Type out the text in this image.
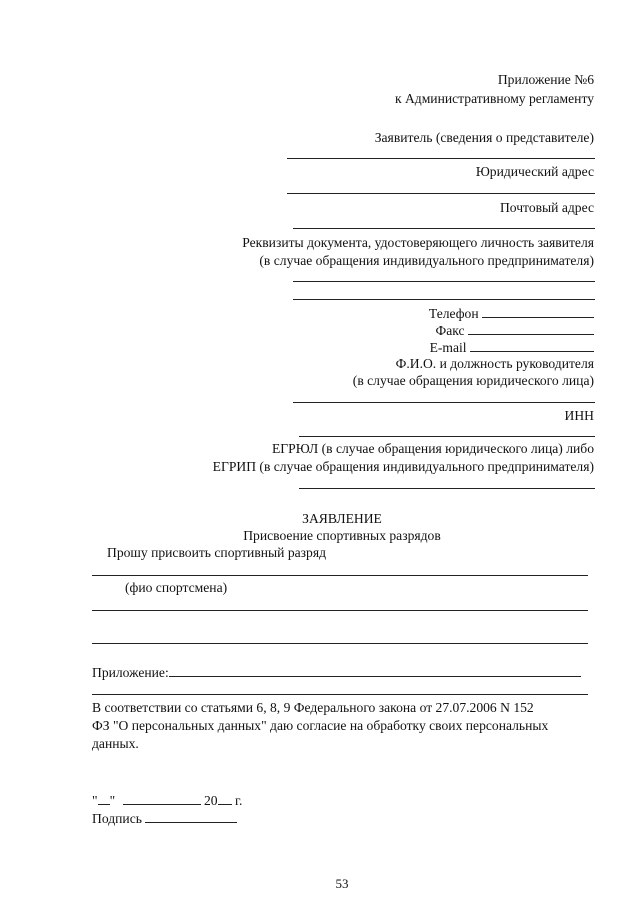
Приложение №6
к Административному регламенту
Заявитель (сведения о представителе)
Юридический адрес
Почтовый адрес
Реквизиты документа, удостоверяющего личность заявителя
(в случае обращения индивидуального предпринимателя)
Телефон
Факс
E-mail
Ф.И.О. и должность руководителя
(в случае обращения юридического лица)
ИНН
ЕГРЮЛ (в случае обращения юридического лица) либо
ЕГРИП (в случае обращения индивидуального предпринимателя)
ЗАЯВЛЕНИЕ
Присвоение спортивных разрядов
Прошу присвоить спортивный разряд
(фио спортсмена)
Приложение:
В соответствии со статьями 6, 8, 9 Федерального закона от 27.07.2006 N 152
ФЗ "О персональных данных" даю согласие на обработку своих персональных
данных.
" "	20 г.
Подпись
53
